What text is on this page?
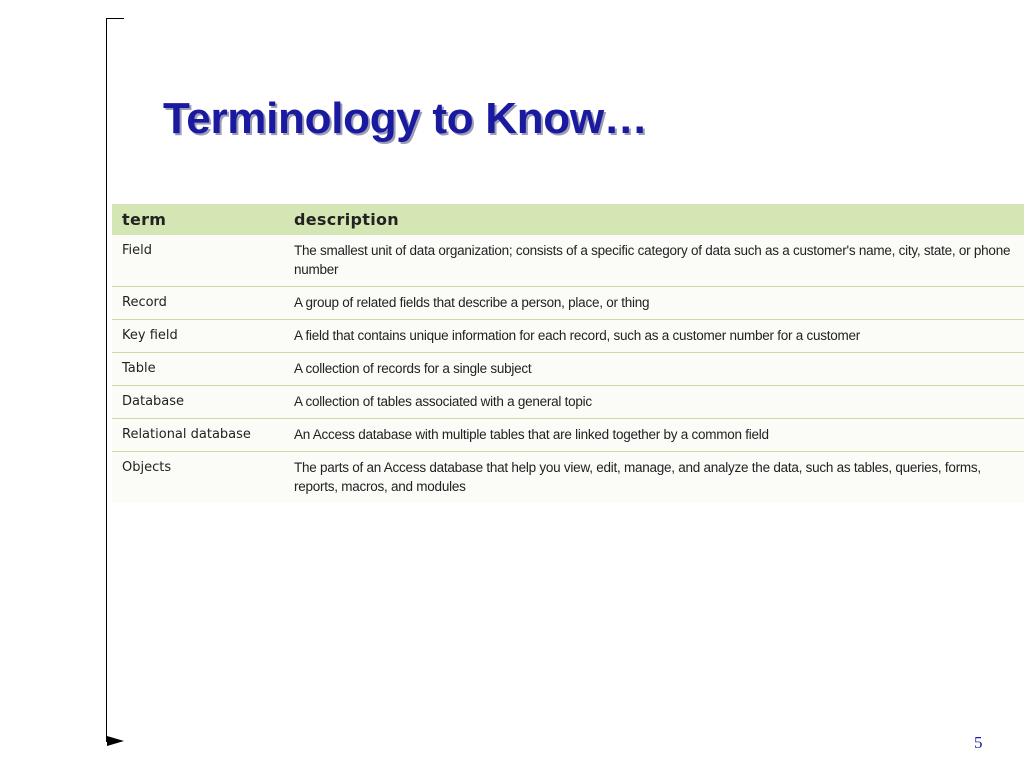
Terminology to Know…
term	description
Field	The smallest unit of data organization; consists of a specific category of data such as a customer's name, city, state, or phone number
Record	A group of related fields that describe a person, place, or thing
Key field	A field that contains unique information for each record, such as a customer number for a customer
Table	A collection of records for a single subject
Database	A collection of tables associated with a general topic
Relational database	An Access database with multiple tables that are linked together by a common field
Objects	The parts of an Access database that help you view, edit, manage, and analyze the data, such as tables, queries, forms, reports, macros, and modules
5
